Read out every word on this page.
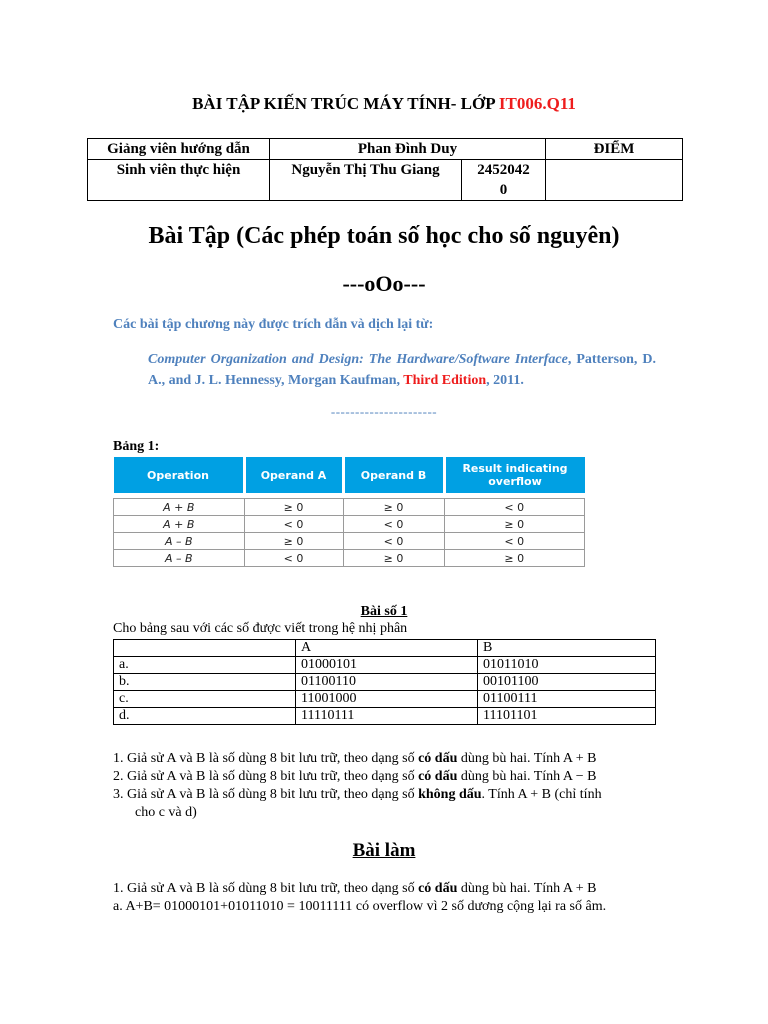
BÀI TẬP KIẾN TRÚC MÁY TÍNH- LỚP IT006.Q11
Giảng viên hướng dẫn	Phan Đình Duy		ĐIỂM
Sinh viên thực hiện	Nguyễn Thị Thu Giang	2452042
0	
Bài Tập (Các phép toán số học cho số nguyên)
---oOo---
Các bài tập chương này được trích dẫn và dịch lại từ:
Computer Organization and Design: The Hardware/Software Interface, Patterson, D. A., and J. L. Hennessy, Morgan Kaufman, Third Edition, 2011.
----------------------
Bảng 1:
Operation	Operand A	Operand B	Result indicating overflow

A + B	≥ 0	≥ 0	< 0
A + B	< 0	< 0	≥ 0
A – B	≥ 0	< 0	< 0
A – B	< 0	≥ 0	≥ 0
Bài số 1
Cho bảng sau với các số được viết trong hệ nhị phân
	A	B
a.	01000101	01011010
b.	01100110	00101100
c.	11001000	01100111
d.	11110111	11101101
1. Giả sử A và B là số dùng 8 bit lưu trữ, theo dạng số có dấu dùng bù hai. Tính A + B
2. Giả sử A và B là số dùng 8 bit lưu trữ, theo dạng số có dấu dùng bù hai. Tính A − B
3. Giả sử A và B là số dùng 8 bit lưu trữ, theo dạng số không dấu. Tính A + B (chỉ tính
cho c và d)
Bài làm
1. Giả sử A và B là số dùng 8 bit lưu trữ, theo dạng số có dấu dùng bù hai. Tính A + B
a. A+B= 01000101+01011010 = 10011111 có overflow vì 2 số dương cộng lại ra số âm.
